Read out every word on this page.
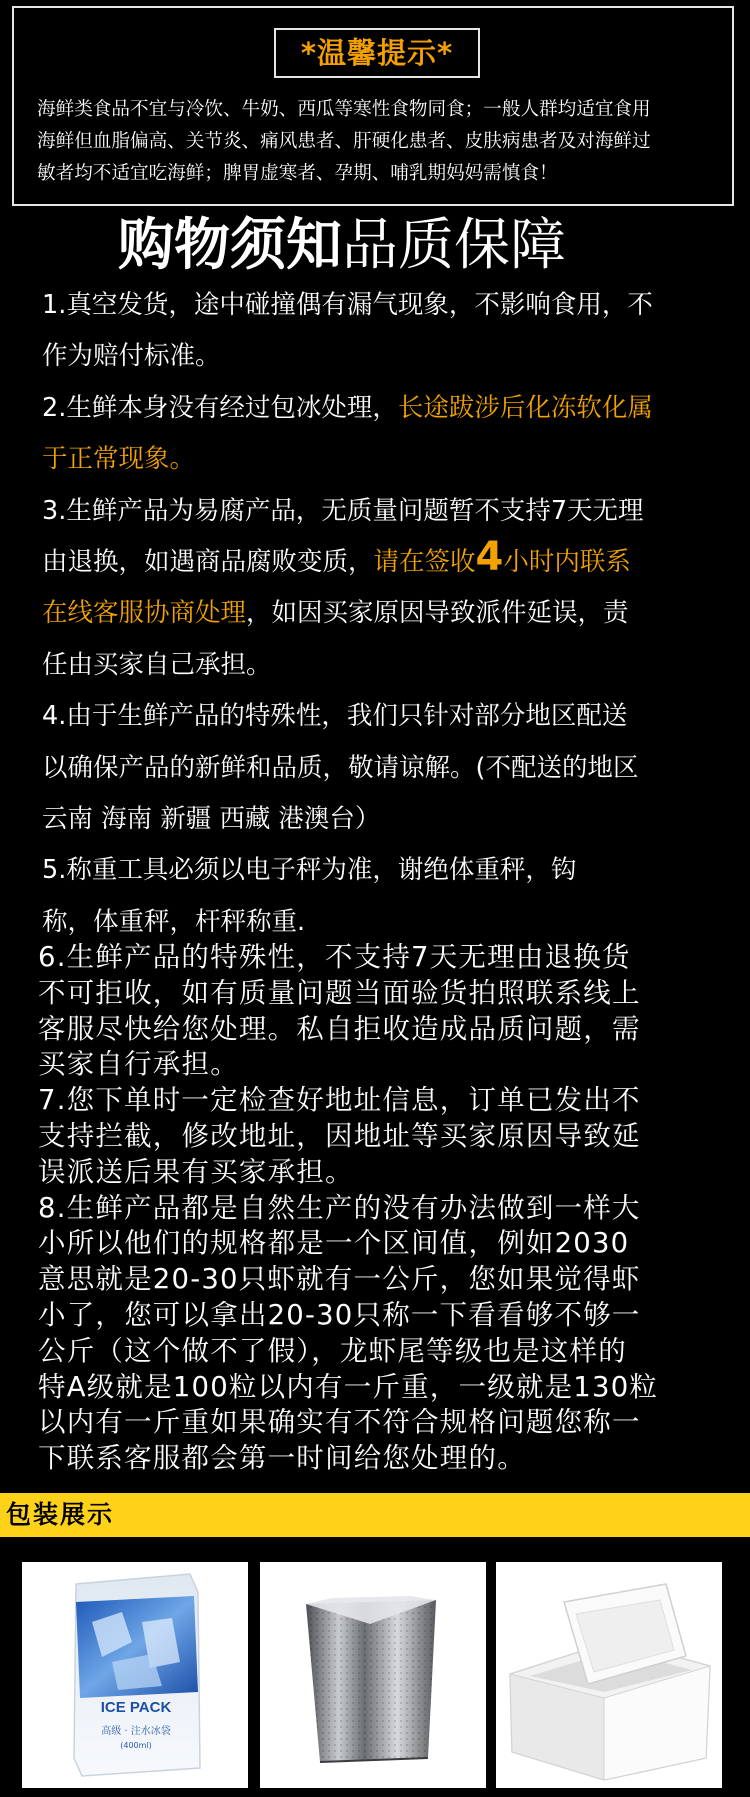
*温馨提示*
海鲜类食品不宜与冷饮、牛奶、西瓜等寒性食物同食；一般人群均适宜食用
海鲜但血脂偏高、关节炎、痛风患者、肝硬化患者、皮肤病患者及对海鲜过
敏者均不适宜吃海鲜；脾胃虚寒者、孕期、哺乳期妈妈需慎食！
购物须知品质保障
1.真空发货，途中碰撞偶有漏气现象，不影响食用，不
作为赔付标准。
2.生鲜本身没有经过包冰处理，长途跋涉后化冻软化属
于正常现象。
3.生鲜产品为易腐产品，无质量问题暂不支持7天无理
由退换，如遇商品腐败变质，请在签收4小时内联系
在线客服协商处理，如因买家原因导致派件延误，责
任由买家自己承担。
4.由于生鲜产品的特殊性，我们只针对部分地区配送
以确保产品的新鲜和品质，敬请谅解。(不配送的地区
云南 海南 新疆 西藏 港澳台）
5.称重工具必须以电子秤为准，谢绝体重秤，钩
称，体重秤，杆秤称重.
6.生鲜产品的特殊性，不支持7天无理由退换货
不可拒收，如有质量问题当面验货拍照联系线上
客服尽快给您处理。私自拒收造成品质问题，需
买家自行承担。
7.您下单时一定检查好地址信息，订单已发出不
支持拦截，修改地址，因地址等买家原因导致延
误派送后果有买家承担。
8.生鲜产品都是自然生产的没有办法做到一样大
小所以他们的规格都是一个区间值，例如2030
意思就是20-30只虾就有一公斤，您如果觉得虾
小了，您可以拿出20-30只称一下看看够不够一
公斤（这个做不了假），龙虾尾等级也是这样的
特A级就是100粒以内有一斤重，一级就是130粒
以内有一斤重如果确实有不符合规格问题您称一
下联系客服都会第一时间给您处理的。
包装展示
ICE PACK
高级 · 注水冰袋
(400ml)
